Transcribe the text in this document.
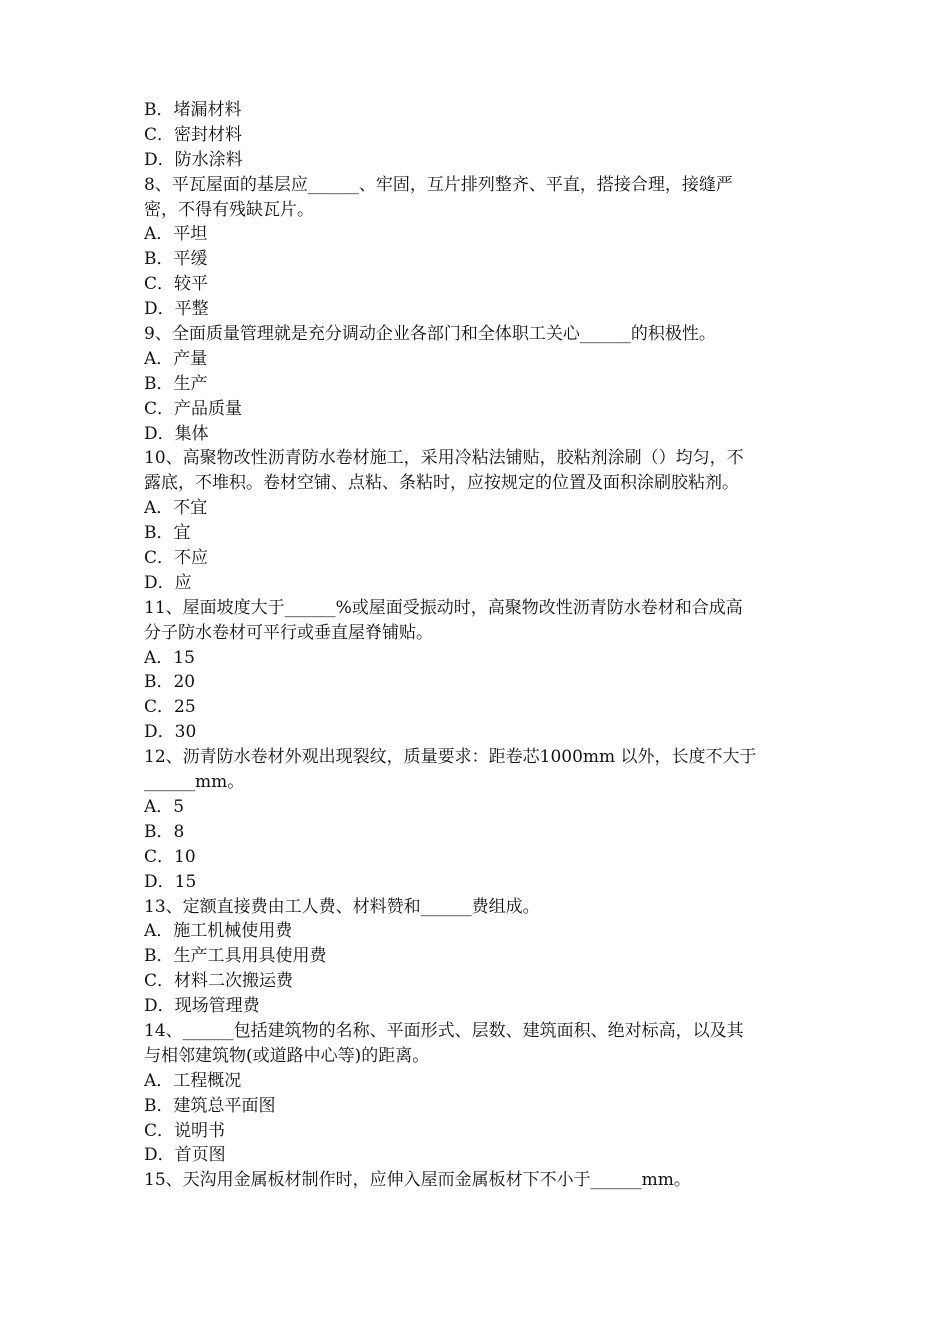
B．堵漏材料
C．密封材料
D．防水涂料
8、平瓦屋面的基层应______、牢固，互片排列整齐、平直，搭接合理，接缝严
密，不得有残缺瓦片。
A．平坦
B．平缓
C．较平
D．平整
9、全面质量管理就是充分调动企业各部门和全体职工关心______的积极性。
A．产量
B．生产
C．产品质量
D．集体
10、高聚物改性沥青防水卷材施工，采用冷粘法铺贴，胶粘剂涂刷（）均匀，不
露底，不堆积。卷材空铺、点粘、条粘时，应按规定的位置及面积涂刷胶粘剂。
A．不宜
B．宜
C．不应
D．应
11、屋面坡度大于______%或屋面受振动时，高聚物改性沥青防水卷材和合成高
分子防水卷材可平行或垂直屋脊铺贴。
A．15
B．20
C．25
D．30
12、沥青防水卷材外观出现裂纹，质量要求：距卷芯1000mm 以外，长度不大于
______mm。
A．5
B．8
C．10
D．15
13、定额直接费由工人费、材料赞和______费组成。
A．施工机械使用费
B．生产工具用具使用费
C．材料二次搬运费
D．现场管理费
14、______包括建筑物的名称、平面形式、层数、建筑面积、绝对标高，以及其
与相邻建筑物(或道路中心等)的距离。
A．工程概况
B．建筑总平面图
C．说明书
D．首页图
15、天沟用金属板材制作时，应伸入屋而金属板材下不小于______mm。
